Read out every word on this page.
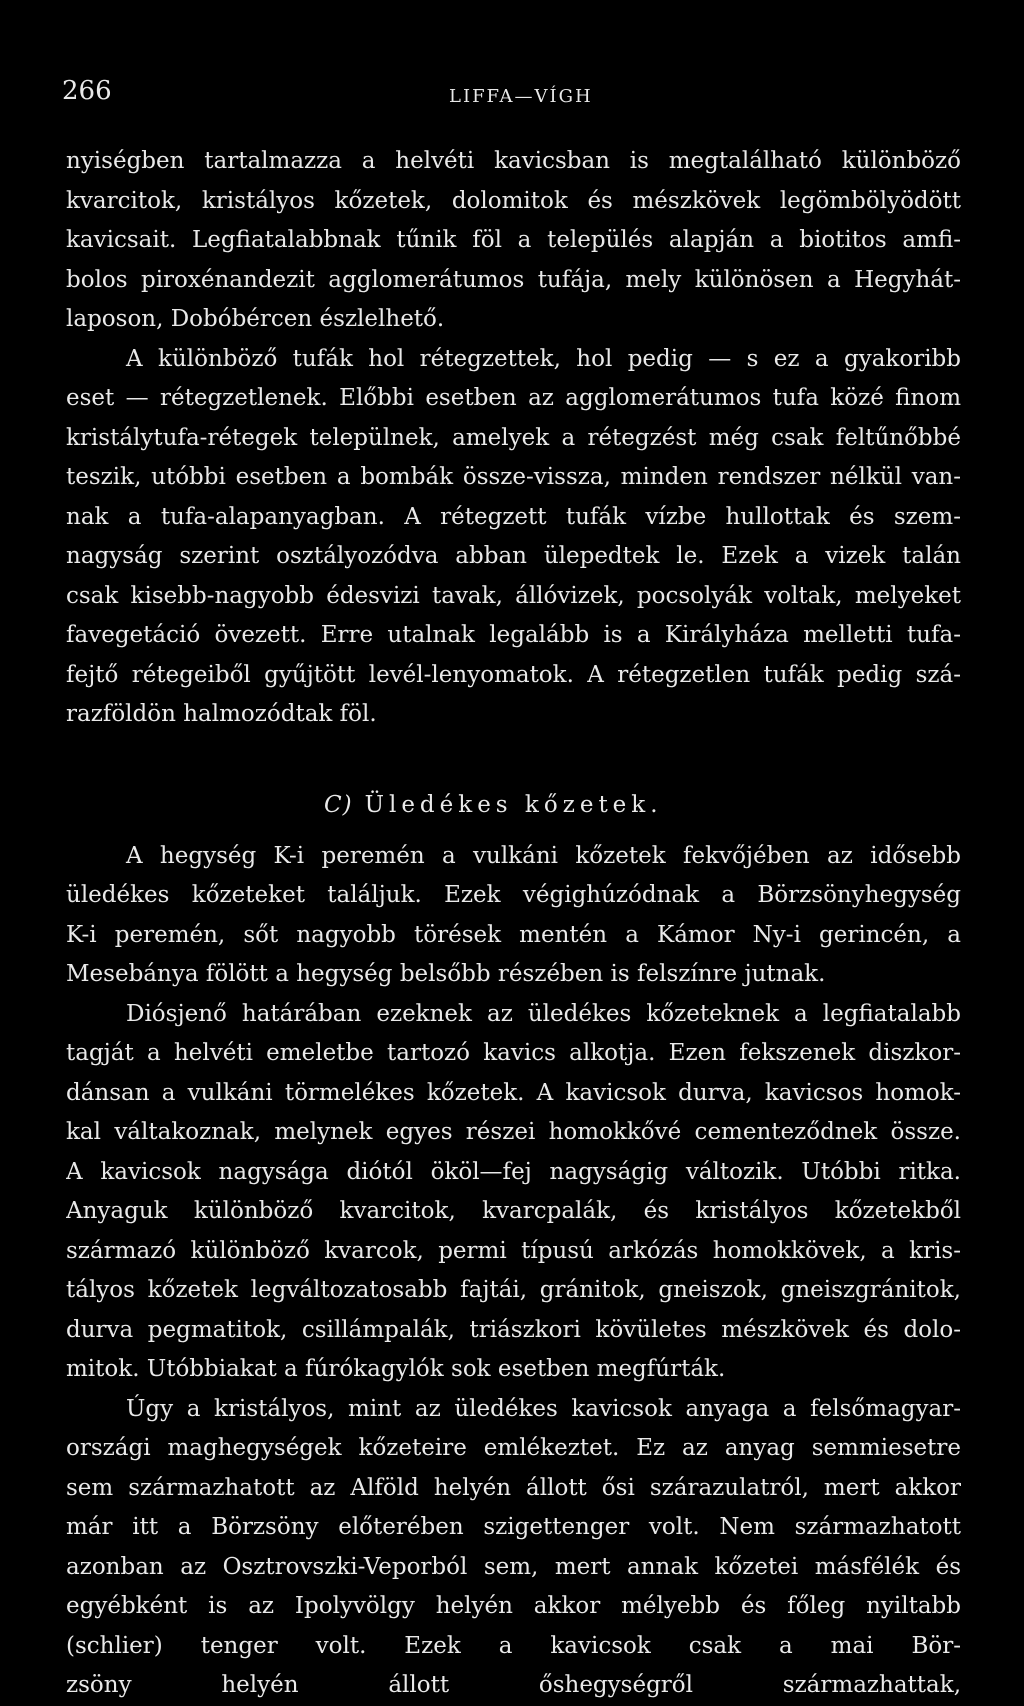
266	LIFFA—VÍGH
nyiségben tartalmazza a helvéti kavicsban is megtalálható különböző
kvarcitok, kristályos kőzetek, dolomitok és mészkövek legömbölyödött
kavicsait. Legfiatalabbnak tűnik föl a település alapján a biotitos amfi-
bolos piroxénandezit agglomerátumos tufája, mely különösen a Hegyhát-
laposon, Dobóbércen észlelhető.
A különböző tufák hol rétegzettek, hol pedig — s ez a gyakoribb
eset — rétegzetlenek. Előbbi esetben az agglomerátumos tufa közé finom
kristálytufa-rétegek települnek, amelyek a rétegzést még csak feltűnőbbé
teszik, utóbbi esetben a bombák össze-vissza, minden rendszer nélkül van-
nak a tufa-alapanyagban. A rétegzett tufák vízbe hullottak és szem-
nagyság szerint osztályozódva abban ülepedtek le. Ezek a vizek talán
csak kisebb-nagyobb édesvizi tavak, állóvizek, pocsolyák voltak, melyeket
favegetáció övezett. Erre utalnak legalább is a Királyháza melletti tufa-
fejtő rétegeiből gyűjtött levél-lenyomatok. A rétegzetlen tufák pedig szá-
razföldön halmozódtak föl.
C) Üledékes kőzetek.
A hegység K-i peremén a vulkáni kőzetek fekvőjében az idősebb
üledékes kőzeteket találjuk. Ezek végighúzódnak a Börzsönyhegység
K-i peremén, sőt nagyobb törések mentén a Kámor Ny-i gerincén, a
Mesebánya fölött a hegység belsőbb részében is felszínre jutnak.
Diósjenő határában ezeknek az üledékes kőzeteknek a legfiatalabb
tagját a helvéti emeletbe tartozó kavics alkotja. Ezen fekszenek diszkor-
dánsan a vulkáni törmelékes kőzetek. A kavicsok durva, kavicsos homok-
kal váltakoznak, melynek egyes részei homokkővé cementeződnek össze.
A kavicsok nagysága diótól ököl—fej nagyságig változik. Utóbbi ritka.
Anyaguk különböző kvarcitok, kvarcpalák, és kristályos kőzetekből
származó különböző kvarcok, permi típusú arkózás homokkövek, a kris-
tályos kőzetek legváltozatosabb fajtái, gránitok, gneiszok, gneiszgránitok,
durva pegmatitok, csillámpalák, triászkori kövületes mészkövek és dolo-
mitok. Utóbbiakat a fúrókagylók sok esetben megfúrták.
Úgy a kristályos, mint az üledékes kavicsok anyaga a felsőmagyar-
országi maghegységek kőzeteire emlékeztet. Ez az anyag semmiesetre
sem származhatott az Alföld helyén állott ősi szárazulatról, mert akkor
már itt a Börzsöny előterében szigettenger volt. Nem származhatott
azonban az Osztrovszki-Veporból sem, mert annak kőzetei másfélék és
egyébként is az Ipolyvölgy helyén akkor mélyebb és főleg nyiltabb
(schlier) tenger volt. Ezek a kavicsok csak a mai Bör-
zsöny helyén állott őshegységről származhattak,
